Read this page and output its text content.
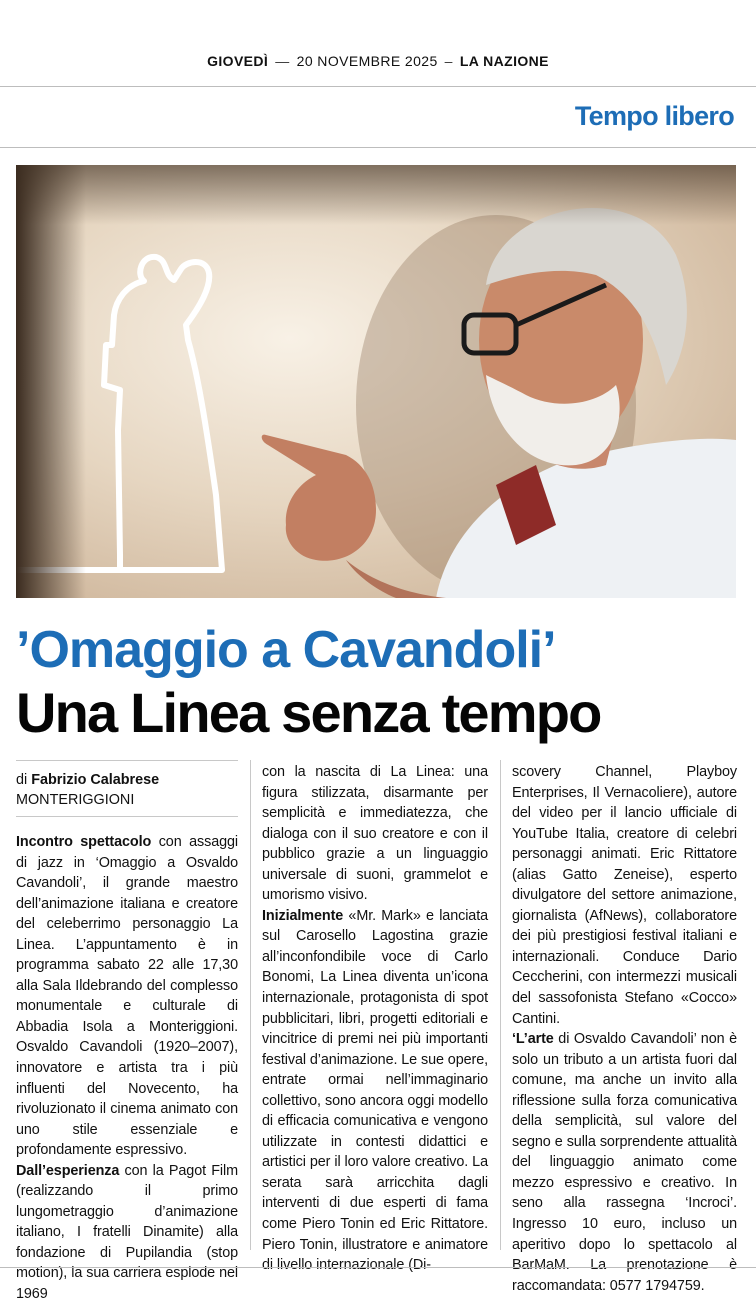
GIOVEDÌ — 20 NOVEMBRE 2025 – LA NAZIONE
Tempo libero
’Omaggio a Cavandoli’
Una Linea senza tempo

di Fabrizio Calabrese

MONTERIGGIONI

Incontro spettacolo con assaggi di jazz in ‘Omaggio a Osvaldo Cavandoli’, il grande maestro dell’animazione italiana e creatore del celeberrimo personaggio La Linea. L’appuntamento è in programma sabato 22 alle 17,30 alla Sala Ildebrando del complesso monumentale e culturale di Abbadia Isola a Monteriggioni. Osvaldo Cavandoli (1920–2007), innovatore e artista tra i più influenti del Novecento, ha rivoluzionato il cinema animato con uno stile essenziale e profondamente espressivo.

Dall’esperienza con la Pagot Film (realizzando il primo lungometraggio d’animazione italiano, I fratelli Dinamite) alla fondazione di Pupilandia (stop motion), la sua carriera esplode nel 1969

con la nascita di La Linea: una figura stilizzata, disarmante per semplicità e immediatezza, che dialoga con il suo creatore e con il pubblico grazie a un linguaggio universale di suoni, grammelot e umorismo visivo.

Inizialmente «Mr. Mark» e lanciata sul Carosello Lagostina grazie all’inconfondibile voce di Carlo Bonomi, La Linea diventa un’icona internazionale, protagonista di spot pubblicitari, libri, progetti editoriali e vincitrice di premi nei più importanti festival d’animazione. Le sue opere, entrate ormai nell’immaginario collettivo, sono ancora oggi modello di efficacia comunicativa e vengono utilizzate in contesti didattici e artistici per il loro valore creativo. La serata sarà arricchita dagli interventi di due esperti di fama come Piero Tonin ed Eric Rittatore. Piero Tonin, illustratore e animatore di livello internazionale (Di-

scovery Channel, Playboy Enterprises, Il Vernacoliere), autore del video per il lancio ufficiale di YouTube Italia, creatore di celebri personaggi animati. Eric Rittatore (alias Gatto Zeneise), esperto divulgatore del settore animazione, giornalista (AfNews), collaboratore dei più prestigiosi festival italiani e internazionali. Conduce Dario Ceccherini, con intermezzi musicali del sassofonista Stefano «Cocco» Cantini.

‘L’arte di Osvaldo Cavandoli’ non è solo un tributo a un artista fuori dal comune, ma anche un invito alla riflessione sulla forza comunicativa della semplicità, sul valore del segno e sulla sorprendente attualità del linguaggio animato come mezzo espressivo e creativo. In seno alla rassegna ‘Incroci’. Ingresso 10 euro, incluso un aperitivo dopo lo spettacolo al BarMaM. La prenotazione è raccomandata: 0577 1794759.
